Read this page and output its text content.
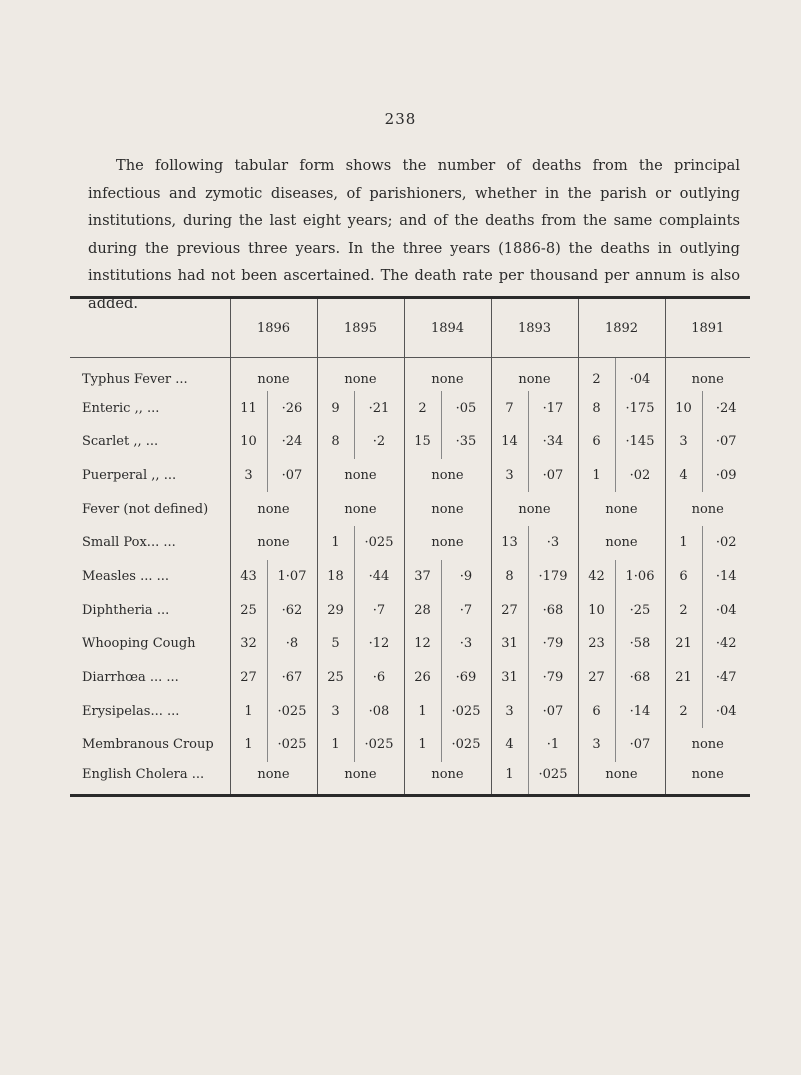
238

The following tabular form shows the number of deaths from the principal infectious and zymotic diseases, of parishioners, whether in the parish or outlying institutions, during the last eight years; and of the deaths from the same complaints during the previous three years. In the three years (1886-8) the deaths in outlying institutions had not been ascertained. The death rate per thousand per annum is also added.

	1896		1895		1894		1893		1892		1891	
Typhus Fever ...	none		none		none		none		2	·04	none	
Enteric ,, ...	11	·26	9	·21	2	·05	7	·17	8	·175	10	·24
Scarlet ,, ...	10	·24	8	·2	15	·35	14	·34	6	·145	3	·07
Puerperal ,, ...	3	·07	none		none		3	·07	1	·02	4	·09
Fever (not defined)	none		none		none		none		none		none	
Small Pox... ...	none		1	·025	none		13	·3	none		1	·02
Measles ... ...	43	1·07	18	·44	37	·9	8	·179	42	1·06	6	·14
Diphtheria ...	25	·62	29	·7	28	·7	27	·68	10	·25	2	·04
Whooping Cough	32	·8	5	·12	12	·3	31	·79	23	·58	21	·42
Diarrhœa ... ...	27	·67	25	·6	26	·69	31	·79	27	·68	21	·47
Erysipelas... ...	1	·025	3	·08	1	·025	3	·07	6	·14	2	·04
Membranous Croup	1	·025	1	·025	1	·025	4	·1	3	·07	none	
English Cholera ...	none		none		none		1	·025	none		none	
